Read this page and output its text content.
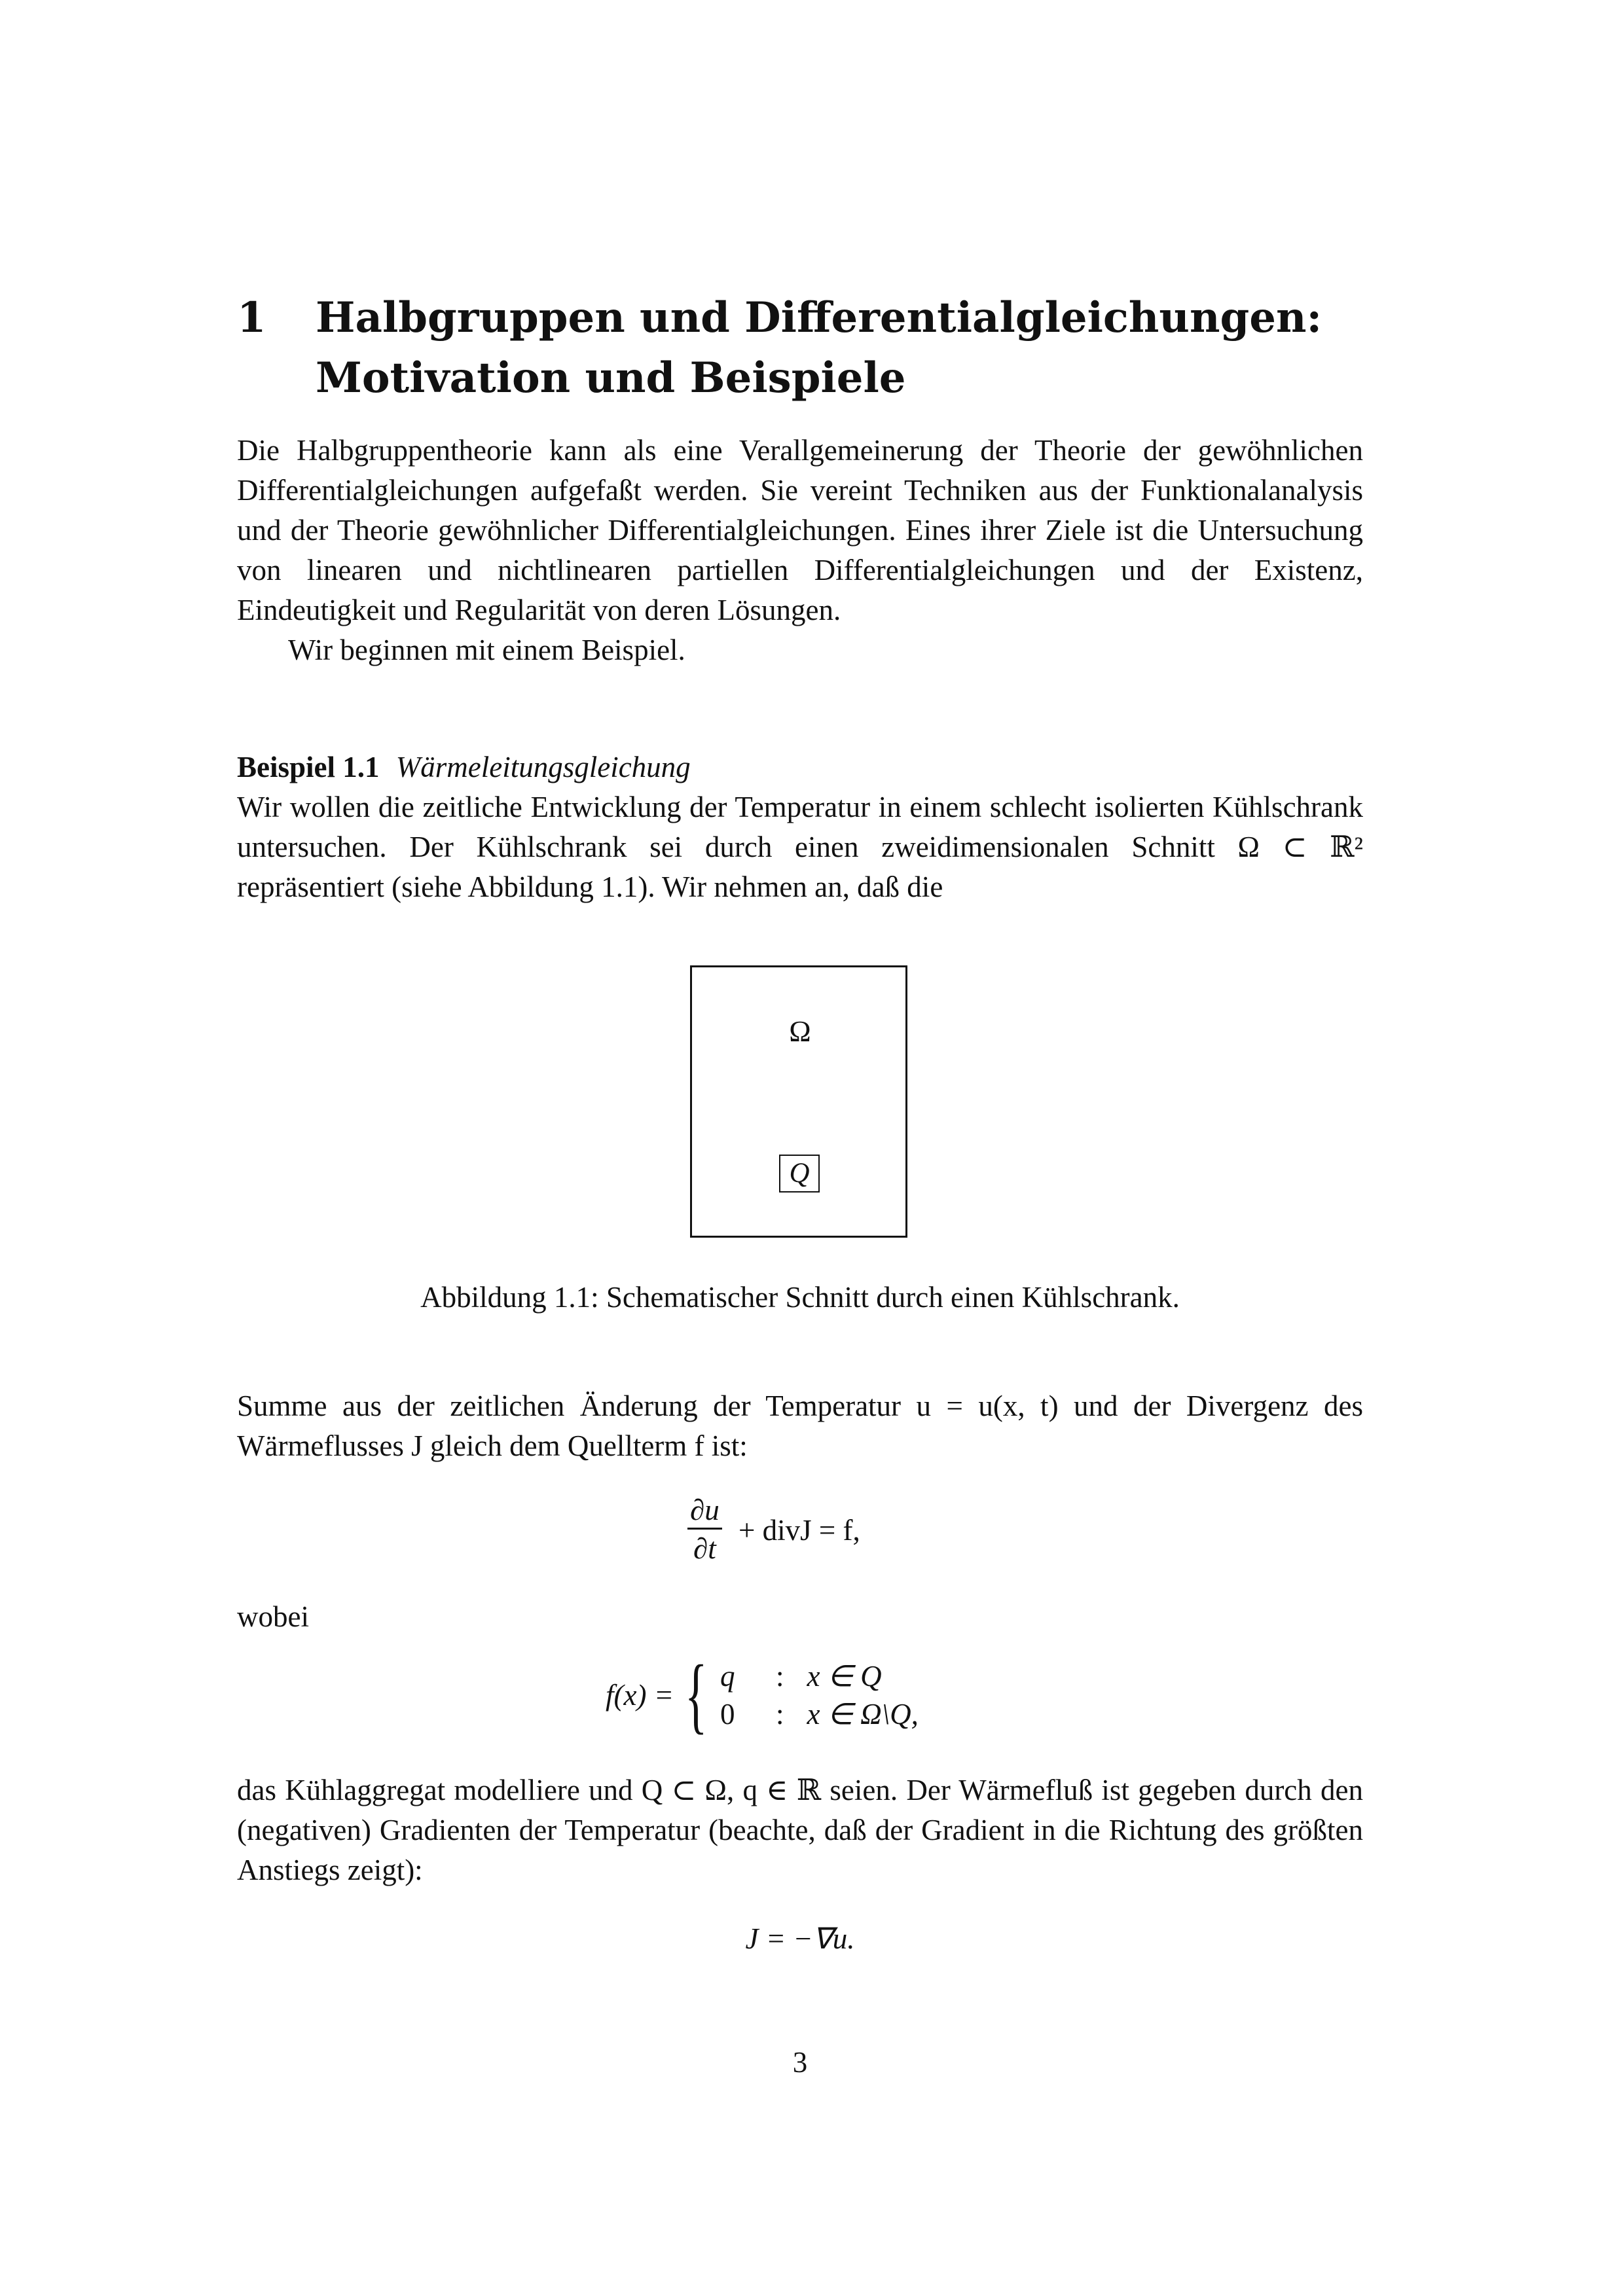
1 Halbgruppen und Differentialgleichungen: Motivation und Beispiele

Die Halbgruppentheorie kann als eine Verallgemeinerung der Theorie der gewöhnlichen Differentialgleichungen aufgefaßt werden. Sie vereint Techniken aus der Funktionalanalysis und der Theorie gewöhnlicher Differentialgleichungen. Eines ihrer Ziele ist die Untersuchung von linearen und nichtlinearen partiellen Differentialgleichungen und der Existenz, Eindeutigkeit und Regularität von deren Lösungen.

Wir beginnen mit einem Beispiel.

Beispiel 1.1 Wärmeleitungsgleichung
Wir wollen die zeitliche Entwicklung der Temperatur in einem schlecht isolierten Kühlschrank untersuchen. Der Kühlschrank sei durch einen zweidimensionalen Schnitt Ω ⊂ ℝ² repräsentiert (siehe Abbildung 1.1). Wir nehmen an, daß die
Ω
Q
Abbildung 1.1: Schematischer Schnitt durch einen Kühlschrank.
Summe aus der zeitlichen Änderung der Temperatur u = u(x, t) und der Divergenz des Wärmeflusses J gleich dem Quellterm f ist:
$\frac{\partial u}{\partial t}$ + divJ = f,
wobei
f(x) = { q : x ∈ Q
0 : x ∈ Ω\Q,
das Kühlaggregat modelliere und Q ⊂ Ω, q ∈ ℝ seien. Der Wärmefluß ist gegeben durch den (negativen) Gradienten der Temperatur (beachte, daß der Gradient in die Richtung des größten Anstiegs zeigt):
J = −∇u.
3
